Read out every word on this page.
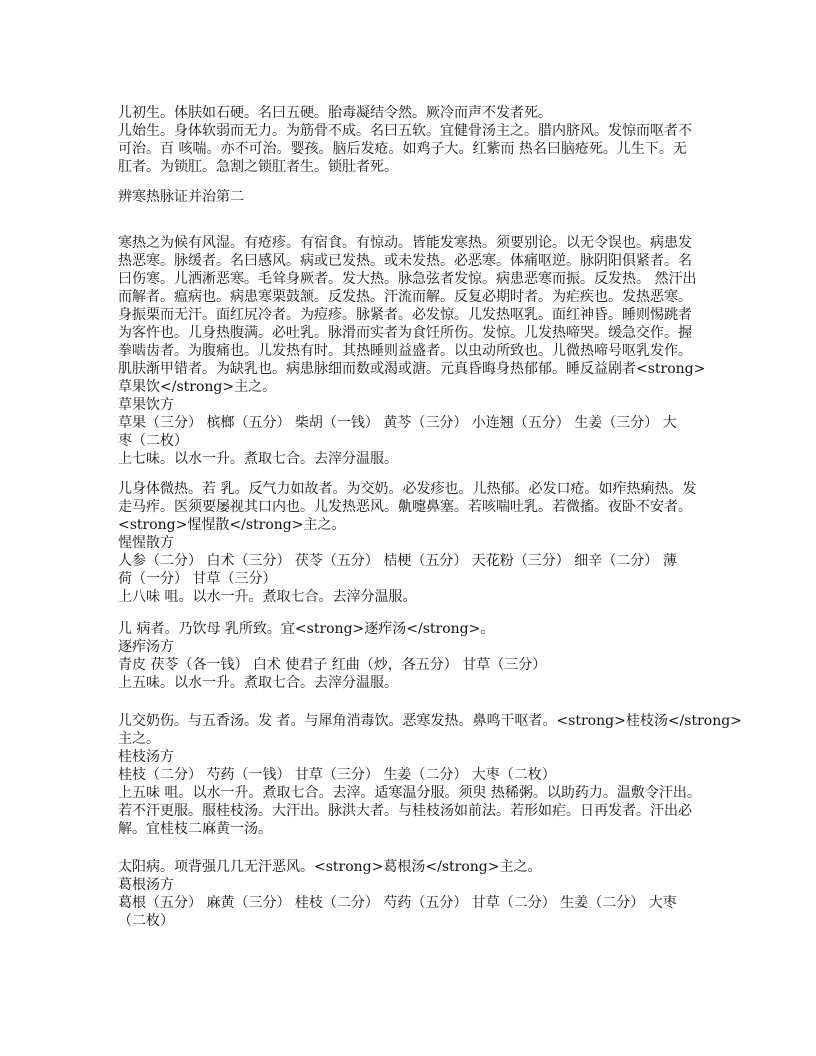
儿初生。体肤如石硬。名曰五硬。胎毒凝结令然。厥冷而声不发者死。
儿始生。身体软弱而无力。为筋骨不成。名曰五软。宜健骨汤主之。腊内脐风。发惊而呕者不
可治。百 咳喘。亦不可治。婴孩。脑后发疮。如鸡子大。红紫而 热名曰脑疮死。儿生下。无
肛者。为锁肛。急割之锁肛者生。锁肚者死。
辨寒热脉证并治第二
寒热之为候有风湿。有疮疹。有宿食。有惊动。皆能发寒热。须要别论。以无令误也。病患发
热恶寒。脉缓者。名曰感风。病或已发热。或未发热。必恶寒。体痛呕逆。脉阴阳俱紧者。名
曰伤寒。儿洒淅恶寒。毛耸身厥者。发大热。脉急弦者发惊。病患恶寒而振。反发热。 然汗出
而解者。瘟病也。病患寒栗鼓颔。反发热。汗流而解。反复必期时者。为疟疾也。发热恶寒。
身振栗而无汗。面红尻冷者。为痘疹。脉紧者。必发惊。儿发热呕乳。面红神昏。睡则惕跳者
为客忤也。儿身热腹满。必吐乳。脉滑而实者为食饪所伤。发惊。儿发热啼哭。缓急交作。握
拳啮齿者。为腹痛也。儿发热有时。其热睡则益盛者。以虫动所致也。儿微热啼号呕乳发作。
肌肤渐甲错者。为缺乳也。病患脉细而数或渴或溏。元真昏晦身热郁郁。睡反益剧者<strong>
草果饮</strong>主之。
草果饮方
草果（三分） 槟榔（五分） 柴胡（一钱） 黄芩（三分） 小连翘（五分） 生姜（三分） 大
枣（二枚）
上七味。以水一升。煮取七合。去滓分温服。
儿身体微热。若 乳。反气力如故者。为交奶。必发疹也。儿热郁。必发口疮。如痄热痢热。发
走马痄。医须要屡视其口内也。儿发热恶风。鼽嚏鼻塞。若咳喘吐乳。若微搐。夜卧不安者。
<strong>惺惺散</strong>主之。
惺惺散方
人参（二分） 白术（三分） 茯苓（五分） 桔梗（五分） 天花粉（三分） 细辛（二分） 薄
荷（一分） 甘草（三分）
上八味 咀。以水一升。煮取七合。去滓分温服。
儿 病者。乃饮母 乳所致。宜<strong>逐痄汤</strong>。
逐痄汤方
青皮 茯苓（各一钱） 白术 使君子 红曲（炒，各五分） 甘草（三分）
上五味。以水一升。煮取七合。去滓分温服。
儿交奶伤。与五香汤。发 者。与犀角消毒饮。恶寒发热。鼻鸣干呕者。<strong>桂枝汤</strong>
主之。
桂枝汤方
桂枝（二分） 芍药（一钱） 甘草（三分） 生姜（二分） 大枣（二枚）
上五味 咀。以水一升。煮取七合。去滓。适寒温分服。须臾 热稀粥。以助药力。温敷令汗出。
若不汗更服。服桂枝汤。大汗出。脉洪大者。与桂枝汤如前法。若形如疟。日再发者。汗出必
解。宜桂枝二麻黄一汤。
太阳病。项背强几几无汗恶风。<strong>葛根汤</strong>主之。
葛根汤方
葛根（五分） 麻黄（三分） 桂枝（二分） 芍药（五分） 甘草（二分） 生姜（二分） 大枣
（二枚）
